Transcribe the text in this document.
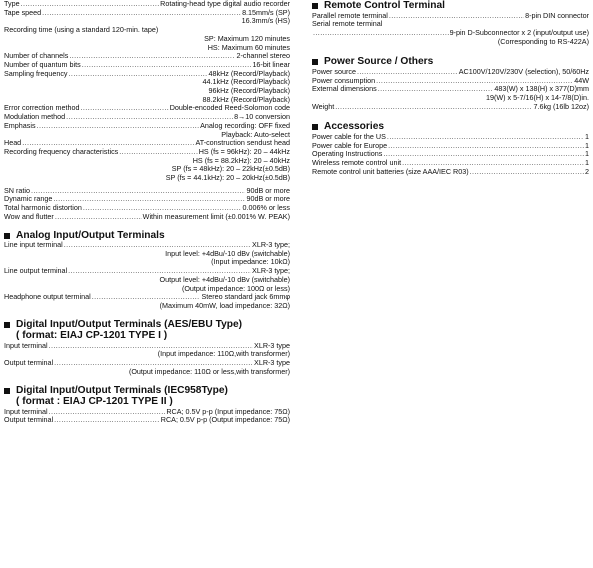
Type .....	Rotating-head type digital audio recorder
Tape speed .....	8.15mm/s (SP)
16.3mm/s (HS)
Recording time (using a standard 120-min. tape)
SP: Maximum 120 minutes
HS: Maximum 60 minutes
Number of channels .....	2-channel stereo
Number of quantum bits .....	16-bit linear
Sampling frequency .....	48kHz (Record/Playback)
44.1kHz (Record/Playback)
96kHz (Record/Playback)
88.2kHz (Record/Playback)
Error correction method .....	Double-encoded Reed-Solomon code
Modulation method .....	8→10 conversion
Emphasis .....	Analog recording: OFF fixed
Playback: Auto-select
Head .....	AT-construction sendust head
Recording frequency characteristics .....	HS (fs = 96kHz): 20 – 44kHz
HS (fs = 88.2kHz): 20 – 40kHz
SP (fs = 48kHz): 20 – 22kHz(±0.5dB)
SP (fs = 44.1kHz): 20 – 20kHz(±0.5dB)
SN ratio .....	90dB or more
Dynamic range .....	90dB or more
Total harmonic distortion .....	0.006% or less
Wow and flutter .....	Within measurement limit (±0.001% W. PEAK)
Analog Input/Output Terminals
Line input terminal .....	XLR-3 type;
Input level: +4dBu/-10 dBv (switchable)
(Input impedance: 10kΩ)
Line output terminal .....	XLR-3 type;
Output level: +4dBu/-10 dBv (switchable)
(Output impedance: 100Ω or less)
Headphone output terminal .....	Stereo standard jack 6mmφ
(Maximum 40mW, load impedance: 32Ω)
Digital Input/Output Terminals (AES/EBU Type)
( format: EIAJ CP-1201 TYPE I )
Input terminal .....	XLR-3 type
(Input impedance: 110Ω,with transformer)
Output terminal .....	XLR-3 type
(Output impedance: 110Ω or less,with transformer)
Digital Input/Output Terminals (IEC958Type)
( format : EIAJ CP-1201 TYPE II )
Input terminal .....	RCA; 0.5V p-p (Input impedance: 75Ω)
Output terminal .....	RCA; 0.5V p-p (Output impedance: 75Ω)
Remote Control Terminal
Parallel remote terminal .....	8-pin DIN connector
Serial remote terminal
.....
9-pin D-Subconnector x 2 (input/output use)
(Corresponding to RS-422A)
Power Source / Others
Power source .....	AC100V/120V/230V (selection), 50/60Hz
Power consumption .....	44W
External dimensions .....	483(W) x 138(H) x 377(D)mm
19(W) x 5-7/16(H) x 14-7/8(D)in.
Weight .....	7.6kg (16lb 12oz)
Accessories
Power cable for the US .....	1
Power cable for Europe .....	1
Operating Instructions .....	1
Wireless remote control unit .....	1
Remote control unit batteries (size AAA/IEC R03) .....	2
